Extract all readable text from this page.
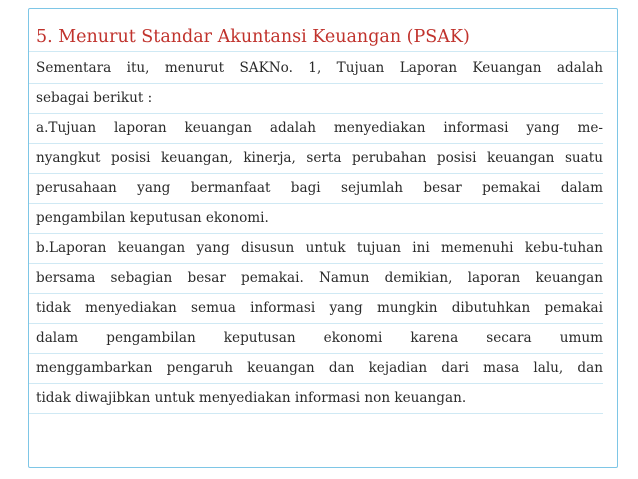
5. Menurut Standar Akuntansi Keuangan (PSAK)
Sementara itu, menurut SAKNo. 1, Tujuan Laporan Keuangan adalah
sebagai berikut :
a.Tujuan laporan keuangan adalah menyediakan informasi yang me-
nyangkut posisi keuangan, kinerja, serta perubahan posisi keuangan suatu
perusahaan yang bermanfaat bagi sejumlah besar pemakai dalam
pengambilan keputusan ekonomi.
b.Laporan keuangan yang disusun untuk tujuan ini memenuhi kebu-tuhan
bersama sebagian besar pemakai. Namun demikian, laporan keuangan
tidak menyediakan semua informasi yang mungkin dibutuhkan pemakai
dalam pengambilan keputusan ekonomi karena secara umum
menggambarkan pengaruh keuangan dan kejadian dari masa lalu, dan
tidak diwajibkan untuk menyediakan informasi non keuangan.
